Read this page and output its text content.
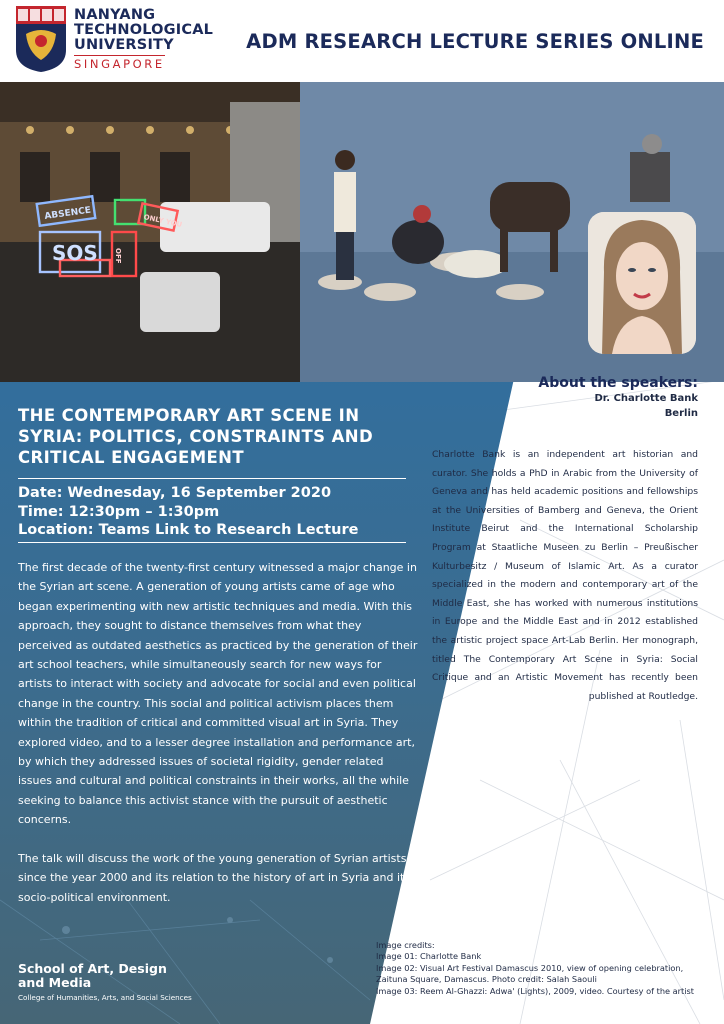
NANYANG
TECHNOLOGICAL
UNIVERSITY
SINGAPORE
ADM RESEARCH LECTURE SERIES ONLINE
ABSENCE
SOS
ONLY YOU
OFF
THE CONTEMPORARY ART SCENE IN SYRIA: POLITICS, CONSTRAINTS AND CRITICAL ENGAGEMENT
Date: Wednesday, 16 September 2020
Time: 12:30pm – 1:30pm
Location: Teams Link to Research Lecture

The first decade of the twenty-first century witnessed a major change in the Syrian art scene. A generation of young artists came of age who began experimenting with new artistic techniques and media. With this approach, they sought to distance themselves from what they perceived as outdated aesthetics as practiced by the generation of their art school teachers, while simultaneously search for new ways for artists to interact with society and advocate for social and even political change in the country. This social and political activism places them within the tradition of critical and committed visual art in Syria. They explored video, and to a lesser degree installation and performance art, by which they addressed issues of societal rigidity, gender related issues and cultural and political constraints in their works, all the while seeking to balance this activist stance with the pursuit of aesthetic concerns.

The talk will discuss the work of the young generation of Syrian artists since the year 2000 and its relation to the history of art in Syria and its socio-political environment.

School of Art, Design
and Media
College of Humanities, Arts, and Social Sciences
About the speakers:
Dr. Charlotte Bank
Berlin
Charlotte Bank is an independent art historian and curator. She holds a PhD in Arabic from the University of Geneva and has held academic positions and fellowships at the Universities of Bamberg and Geneva, the Orient Institute Beirut and the International Scholarship Program at Staatliche Museen zu Berlin – Preußischer Kulturbesitz / Museum of Islamic Art. As a curator specialized in the modern and contemporary art of the Middle East, she has worked with numerous institutions in Europe and the Middle East and in 2012 established the artistic project space Art-Lab Berlin. Her monograph, titled The Contemporary Art Scene in Syria: Social Critique and an Artistic Movement has recently been published at Routledge.
Image credits:
Image 01: Charlotte Bank
Image 02: Visual Art Festival Damascus 2010, view of opening celebration, Zaituna Square, Damascus. Photo credit: Salah Saouli
Image 03: Reem Al-Ghazzi: Adwa' (Lights), 2009, video. Courtesy of the artist
